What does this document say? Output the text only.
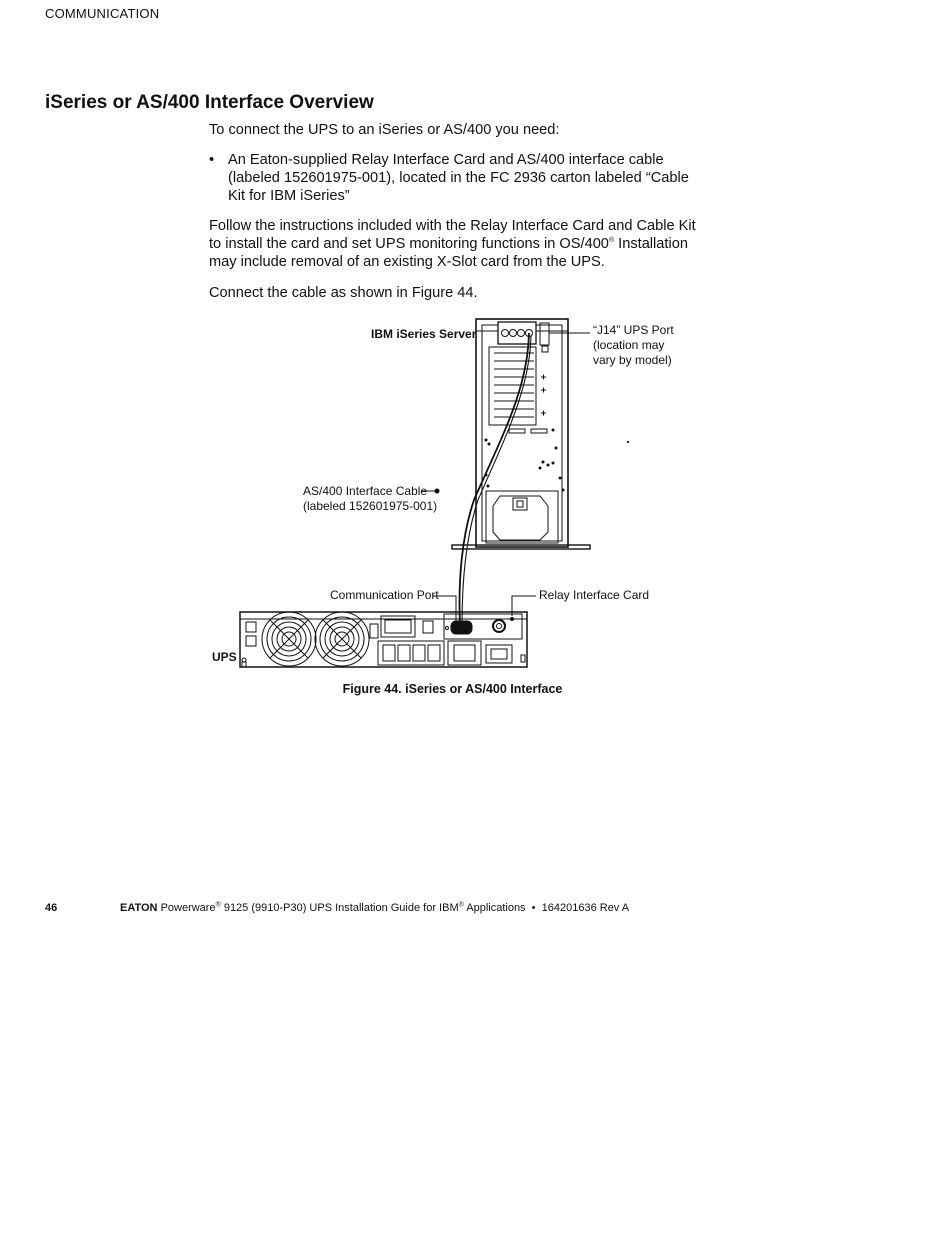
COMMUNICATION
iSeries or AS/400 Interface Overview
To connect the UPS to an iSeries or AS/400 you need:
• An Eaton-supplied Relay Interface Card and AS/400 interface cable (labeled 152601975-001), located in the FC 2936 carton labeled “Cable Kit for IBM iSeries”
Follow the instructions included with the Relay Interface Card and Cable Kit to install the card and set UPS monitoring functions in OS/400® Installation may include removal of an existing X-Slot card from the UPS.
Connect the cable as shown in Figure 44.
IBM iSeries Server	“J14” UPS Port
(location may
vary by model)
AS/400 Interface Cable
(labeled 152601975-001)
Communication Port	Relay Interface Card
UPS
Figure 44. iSeries or AS/400 Interface
46	EATON Powerware® 9125 (9910-P30) UPS Installation Guide for IBM® Applications  •  164201636 Rev A
